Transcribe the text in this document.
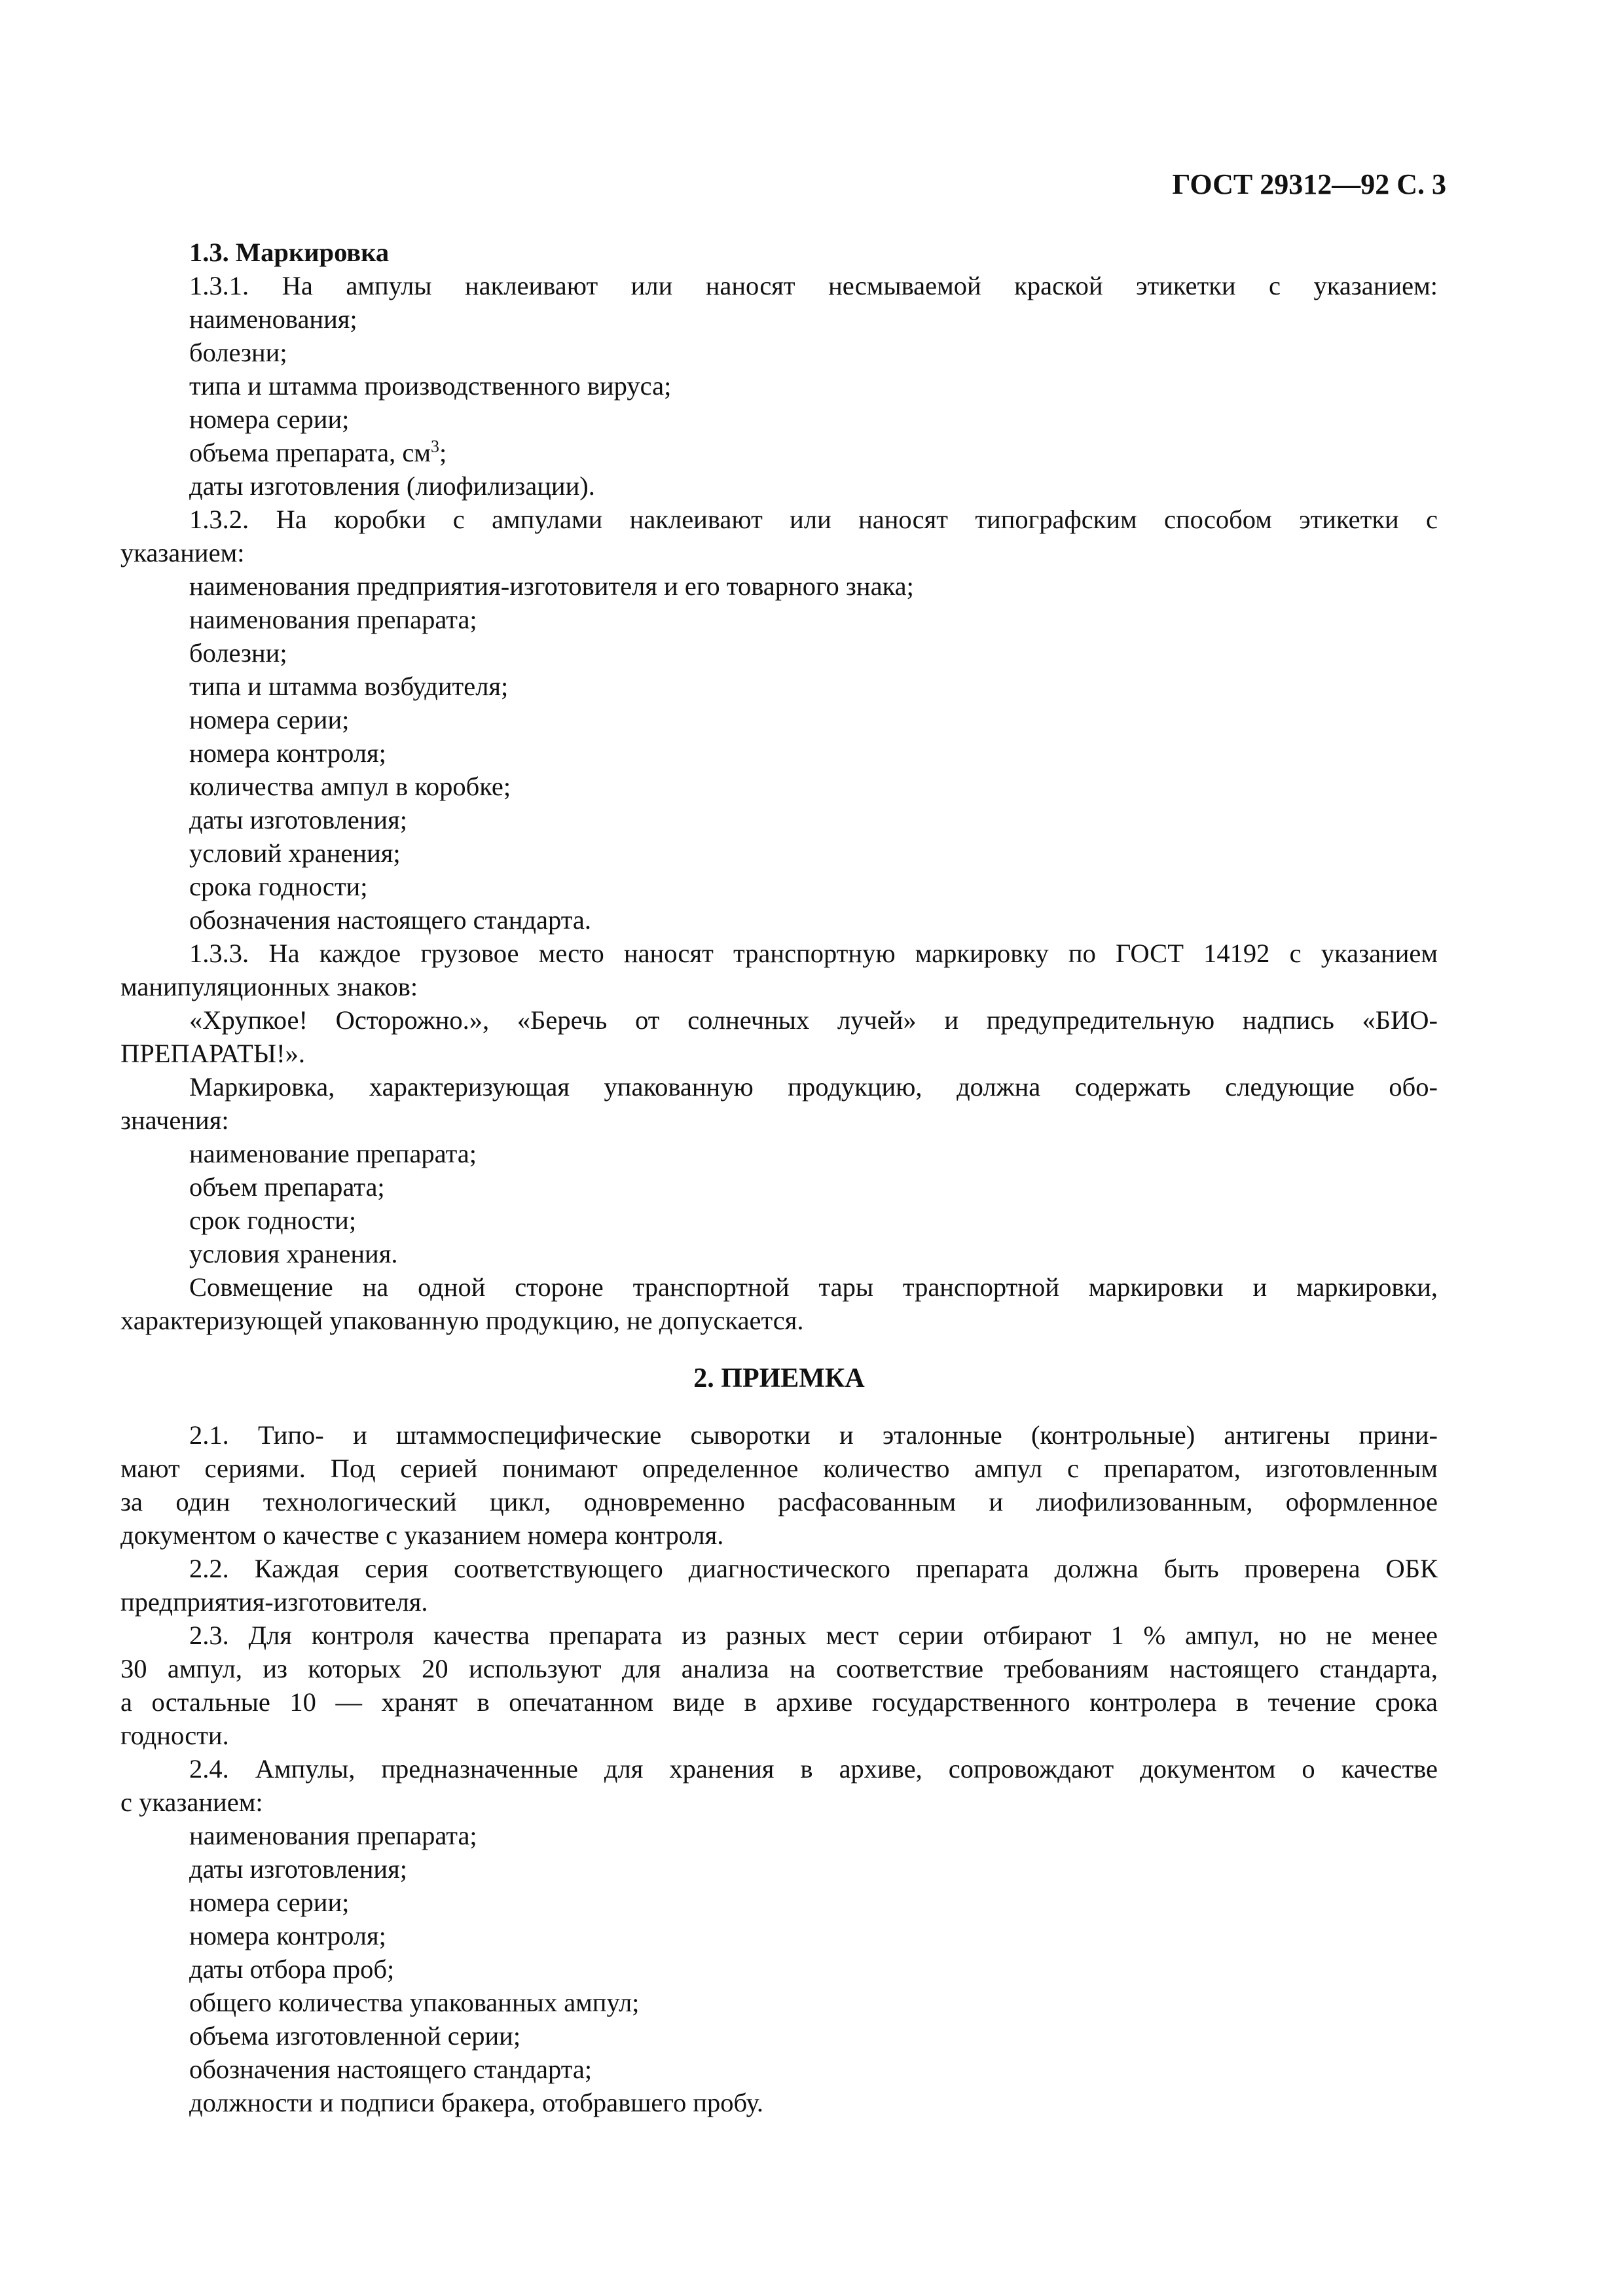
ГОСТ 29312—92 С. 3
1.3. Маркировка
1.3.1. На ампулы наклеивают или наносят несмываемой краской этикетки с указанием:
наименования;
болезни;
типа и штамма производственного вируса;
номера серии;
объема препарата, $см^3$;
даты изготовления (лиофилизации).
1.3.2. На коробки с ампулами наклеивают или наносят типографским способом этикетки с
указанием:
наименования предприятия-изготовителя и его товарного знака;
наименования препарата;
болезни;
типа и штамма возбудителя;
номера серии;
номера контроля;
количества ампул в коробке;
даты изготовления;
условий хранения;
срока годности;
обозначения настоящего стандарта.
1.3.3. На каждое грузовое место наносят транспортную маркировку по ГОСТ 14192 с указанием
манипуляционных знаков:
«Хрупкое! Осторожно.», «Беречь от солнечных лучей» и предупредительную надпись «БИО-
ПРЕПАРАТЫ!».
Маркировка, характеризующая упакованную продукцию, должна содержать следующие обо-
значения:
наименование препарата;
объем препарата;
срок годности;
условия хранения.
Совмещение на одной стороне транспортной тары транспортной маркировки и маркировки,
характеризующей упакованную продукцию, не допускается.
2. ПРИЕМКА
2.1. Типо- и штаммоспецифические сыворотки и эталонные (контрольные) антигены прини-
мают сериями. Под серией понимают определенное количество ампул с препаратом, изготовленным
за один технологический цикл, одновременно расфасованным и лиофилизованным, оформленное
документом о качестве с указанием номера контроля.
2.2. Каждая серия соответствующего диагностического препарата должна быть проверена ОБК
предприятия-изготовителя.
2.3. Для контроля качества препарата из разных мест серии отбирают 1 % ампул, но не менее
30 ампул, из которых 20 используют для анализа на соответствие требованиям настоящего стандарта,
а остальные 10 — хранят в опечатанном виде в архиве государственного контролера в течение срока
годности.
2.4. Ампулы, предназначенные для хранения в архиве, сопровождают документом о качестве
с указанием:
наименования препарата;
даты изготовления;
номера серии;
номера контроля;
даты отбора проб;
общего количества упакованных ампул;
объема изготовленной серии;
обозначения настоящего стандарта;
должности и подписи бракера, отобравшего пробу.
